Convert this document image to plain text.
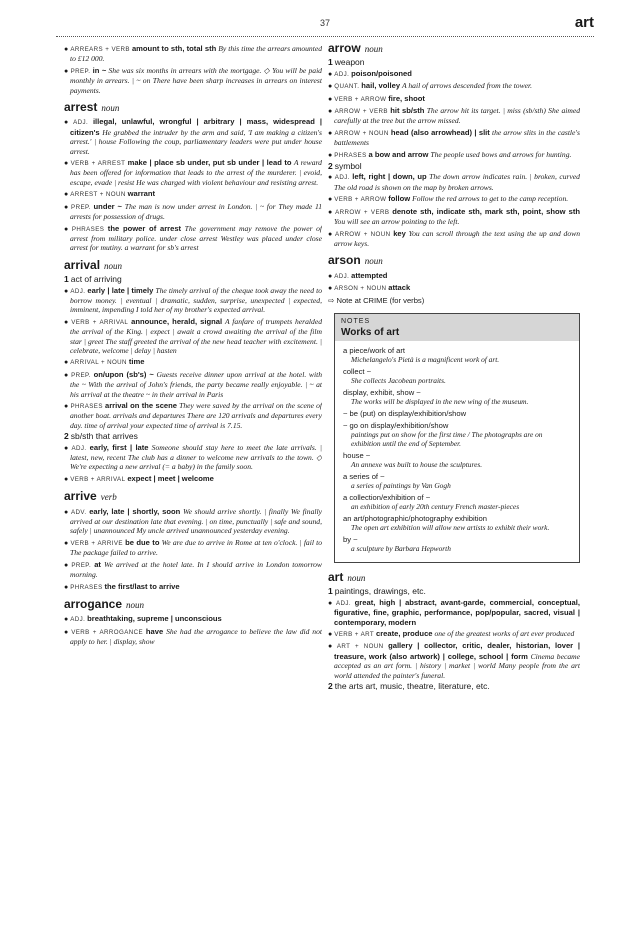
37	art

● ARREARS + VERB amount to sth, total sth By this time the arrears amounted to £12 000.

● PREP. in ~ She was six months in arrears with the mortgage. ◇ You will be paid monthly in arrears. | ~ on There have been sharp increases in arrears on interest payments.

arrest noun

● ADJ. illegal, unlawful, wrongful | arbitrary | mass, widespread | citizen's He grabbed the intruder by the arm and said, 'I am making a citizen's arrest.' | house Following the coup, parliamentary leaders were put under house arrest.

● VERB + ARREST make | place sb under, put sb under | lead to A reward has been offered for information that leads to the arrest of the murderer. | evoid, escape, evade | resist He was charged with violent behaviour and resisting arrest.

● ARREST + NOUN warrant

● PREP. under ~ The man is now under arrest in London. | ~ for They made 11 arrests for possession of drugs.

● PHRASES the power of arrest The government may remove the power of arrest from military police. under close arrest Westley was placed under close arrest for mutiny. a warrant for sb's arrest

arrival noun
1 act of arriving

● ADJ. early | late | timely The timely arrival of the cheque took away the need to borrow money. | eventual | dramatic, sudden, surprise, unexpected | expected, imminent, impending I told her of my brother's expected arrival.

● VERB + ARRIVAL announce, herald, signal A fanfare of trumpets heralded the arrival of the King. | expect | await a crowd awaiting the arrival of the film star | greet The staff greeted the arrival of the new head teacher with excitement. | celebrate, welcome | delay | hasten

● ARRIVAL + NOUN time

● PREP. on/upon (sb's) ~ Guests receive dinner upon arrival at the hotel. with the ~ With the arrival of John's friends, the party became really enjoyable. | ~ at his arrival at the theatre ~ in their arrival in Paris

● PHRASES arrival on the scene They were saved by the arrival on the scene of another boat. arrivals and departures There are 120 arrivals and departures every day. time of arrival your expected time of arrival is 7.15.

2 sb/sth that arrives

● ADJ. early, first | late Someone should stay here to meet the late arrivals. | latest, new, recent The club has a dinner to welcome new arrivals to the town. ◇ We're expecting a new arrival (= a baby) in the family soon.

● VERB + ARRIVAL expect | meet | welcome

arrive verb

● ADV. early, late | shortly, soon We should arrive shortly. | finally We finally arrived at our destination late that evening. | on time, punctually | safe and sound, safely | unannounced My uncle arrived unannounced yesterday evening.

● VERB + ARRIVE be due to We are due to arrive in Rome at ten o'clock. | fail to The package failed to arrive.

● PREP. at We arrived at the hotel late. In I should arrive in London tomorrow morning.

● PHRASES the first/last to arrive

arrogance noun

● ADJ. breathtaking, supreme | unconscious

● VERB + ARROGANCE have She had the arrogance to believe the law did not apply to her. | display, show

arrow noun
1 weapon

● ADJ. poison/poisoned

● QUANT. hail, volley A hail of arrows descended from the tower.

● VERB + ARROW fire, shoot

● ARROW + VERB hit sb/sth The arrow hit its target. | miss (sb/sth) She aimed carefully at the tree but the arrow missed.

● ARROW + NOUN head (also arrowhead) | slit the arrow slits in the castle's battlements

● PHRASES a bow and arrow The people used bows and arrows for hunting.

2 symbol

● ADJ. left, right | down, up The down arrow indicates rain. | broken, curved The old road is shown on the map by broken arrows.

● VERB + ARROW follow Follow the red arrows to get to the camp reception.

● ARROW + VERB denote sth, indicate sth, mark sth, point, show sth You will see an arrow pointing to the left.

● ARROW + NOUN key You can scroll through the text using the up and down arrow keys.

arson noun

● ADJ. attempted

● ARSON + NOUN attack

⇨ Note at CRIME (for verbs)
NOTES
Works of art
a piece/work of art
Michelangelo's Pietà is a magnificent work of art.
collect ~
She collects Jacobean portraits.
display, exhibit, show ~
The works will be displayed in the new wing of the museum.
~ be (put) on display/exhibition/show
~ go on display/exhibition/show
paintings put on show for the first time / The photographs are on exhibition until the end of September.
house ~
An annexe was built to house the sculptures.
a series of ~
a series of paintings by Van Gogh
a collection/exhibition of ~
an exhibition of early 20th century French master-pieces
an art/photographic/photography exhibition
The open art exhibition will allow new artists to exhibit their work.
by ~
a sculpture by Barbara Hepworth
art noun
1 paintings, drawings, etc.

● ADJ. great, high | abstract, avant-garde, commercial, conceptual, figurative, fine, graphic, performance, pop/popular, sacred, visual | contemporary, modern

● VERB + ART create, produce one of the greatest works of art ever produced

● ART + NOUN gallery | collector, critic, dealer, historian, lover | treasure, work (also artwork) | college, school | form Cinema became accepted as an art form. | history | market | world Many people from the art world attended the painter's funeral.

2 the arts art, music, theatre, literature, etc.
